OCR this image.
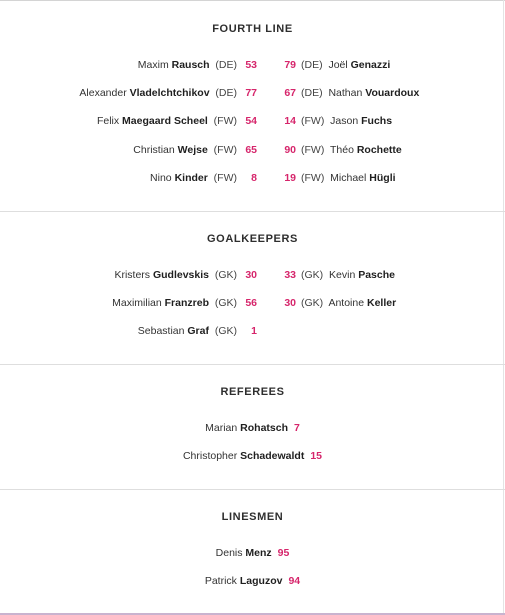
FOURTH LINE
Maxim Rausch (DE) 53	79 (DE) Joël Genazzi
Alexander Vladelchtchikov (DE) 77	67 (DE) Nathan Vouardoux
Felix Maegaard Scheel (FW) 54	14 (FW) Jason Fuchs
Christian Wejse (FW) 65	90 (FW) Théo Rochette
Nino Kinder (FW)	8	19 (FW) Michael Hügli
GOALKEEPERS
Kristers Gudlevskis (GK) 30	33 (GK) Kevin Pasche
Maximilian Franzreb (GK) 56	30 (GK) Antoine Keller
Sebastian Graf (GK)	1
REFEREES
Marian Rohatsch 7
Christopher Schadewaldt 15
LINESMEN
Denis Menz 95
Patrick Laguzov 94
